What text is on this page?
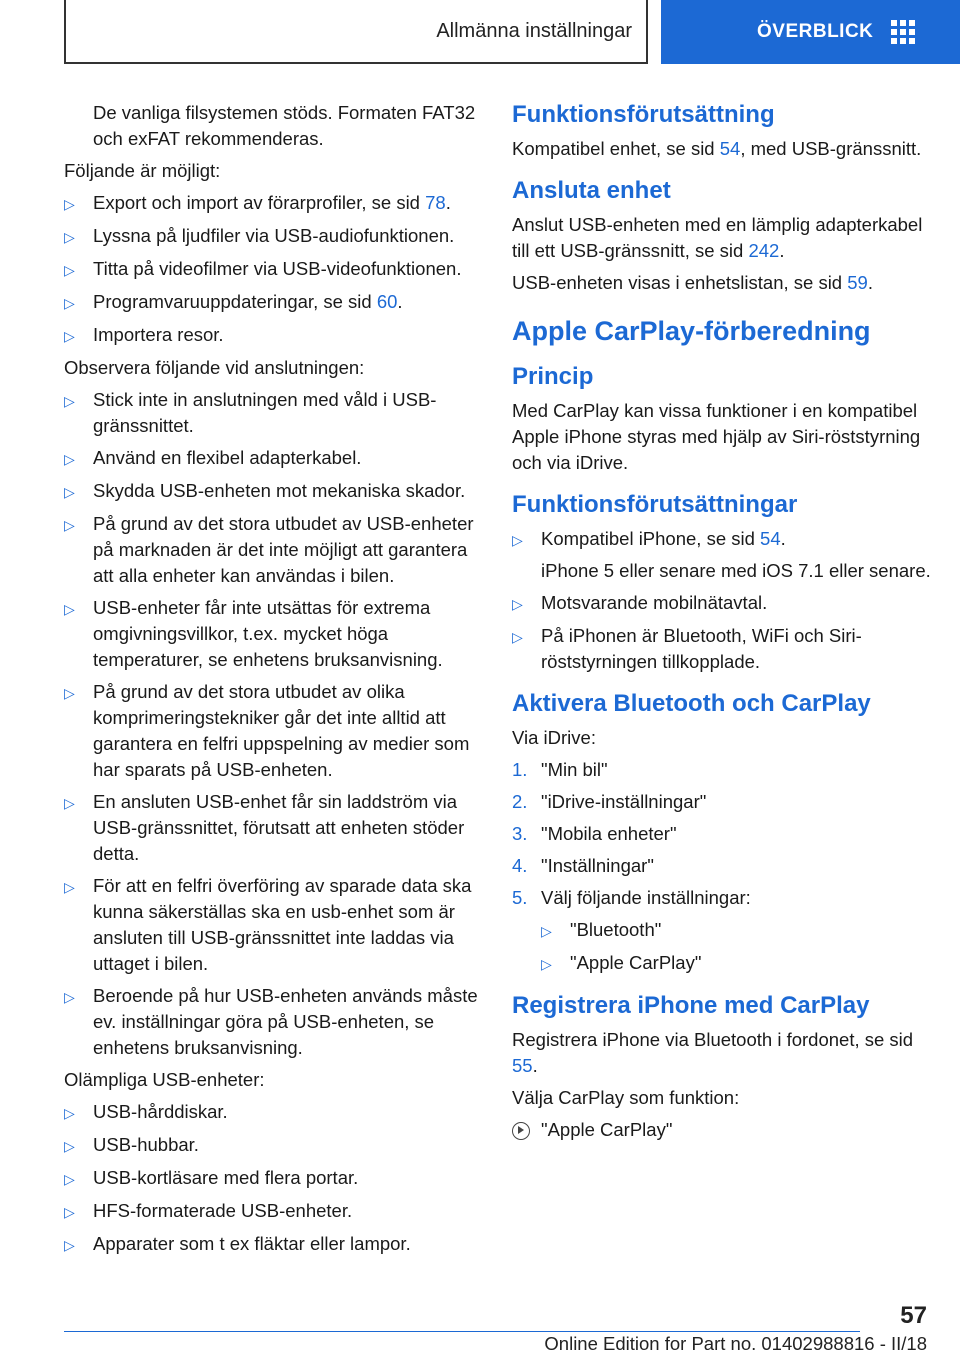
Allmänna inställningar	ÖVERBLICK

De vanliga filsystemen stöds. Formaten FAT32 och exFAT rekommenderas.

Följande är möjligt:

▷ Export och import av förarprofiler, se sid 78.
▷ Lyssna på ljudfiler via USB-audiofunktionen.
▷ Titta på videofilmer via USB-videofunktionen.
▷ Programvaruuppdateringar, se sid 60.
▷ Importera resor.

Observera följande vid anslutningen:

▷ Stick inte in anslutningen med våld i USB-gränssnittet.
▷ Använd en flexibel adapterkabel.
▷ Skydda USB-enheten mot mekaniska skador.
▷ På grund av det stora utbudet av USB-enheter på marknaden är det inte möjligt att garantera att alla enheter kan användas i bilen.
▷ USB-enheter får inte utsättas för extrema omgivningsvillkor, t.ex. mycket höga temperaturer, se enhetens bruksanvisning.
▷ På grund av det stora utbudet av olika komprimeringstekniker går det inte alltid att garantera en felfri uppspelning av medier som har sparats på USB-enheten.
▷ En ansluten USB-enhet får sin laddström via USB-gränssnittet, förutsatt att enheten stöder detta.
▷ För att en felfri överföring av sparade data ska kunna säkerställas ska en usb-enhet som är ansluten till USB-gränssnittet inte laddas via uttaget i bilen.
▷ Beroende på hur USB-enheten används måste ev. inställningar göra på USB-enheten, se enhetens bruksanvisning.

Olämpliga USB-enheter:

▷ USB-hårddiskar.
▷ USB-hubbar.
▷ USB-kortläsare med flera portar.
▷ HFS-formaterade USB-enheter.
▷ Apparater som t ex fläktar eller lampor.
Funktionsförutsättning

Kompatibel enhet, se sid 54, med USB-gränssnitt.

Ansluta enhet

Anslut USB-enheten med en lämplig adapterkabel till ett USB-gränssnitt, se sid 242.

USB-enheten visas i enhetslistan, se sid 59.

Apple CarPlay-förberedning
Princip

Med CarPlay kan vissa funktioner i en kompatibel Apple iPhone styras med hjälp av Siri-röststyrning och via iDrive.

Funktionsförutsättningar
▷ Kompatibel iPhone, se sid 54.
iPhone 5 eller senare med iOS 7.1 eller senare.
▷ Motsvarande mobilnätavtal.
▷ På iPhonen är Bluetooth, WiFi och Siri-röststyrningen tillkopplade.
Aktivera Bluetooth och CarPlay

Via iDrive:

1. "Min bil"
2. "iDrive-inställningar"
3. "Mobila enheter"
4. "Inställningar"
5. Välj följande inställningar:
▷ "Bluetooth"
▷ "Apple CarPlay"
Registrera iPhone med CarPlay

Registrera iPhone via Bluetooth i fordonet, se sid 55.

Välja CarPlay som funktion:

"Apple CarPlay"
57
Online Edition for Part no. 01402988816 - II/18
